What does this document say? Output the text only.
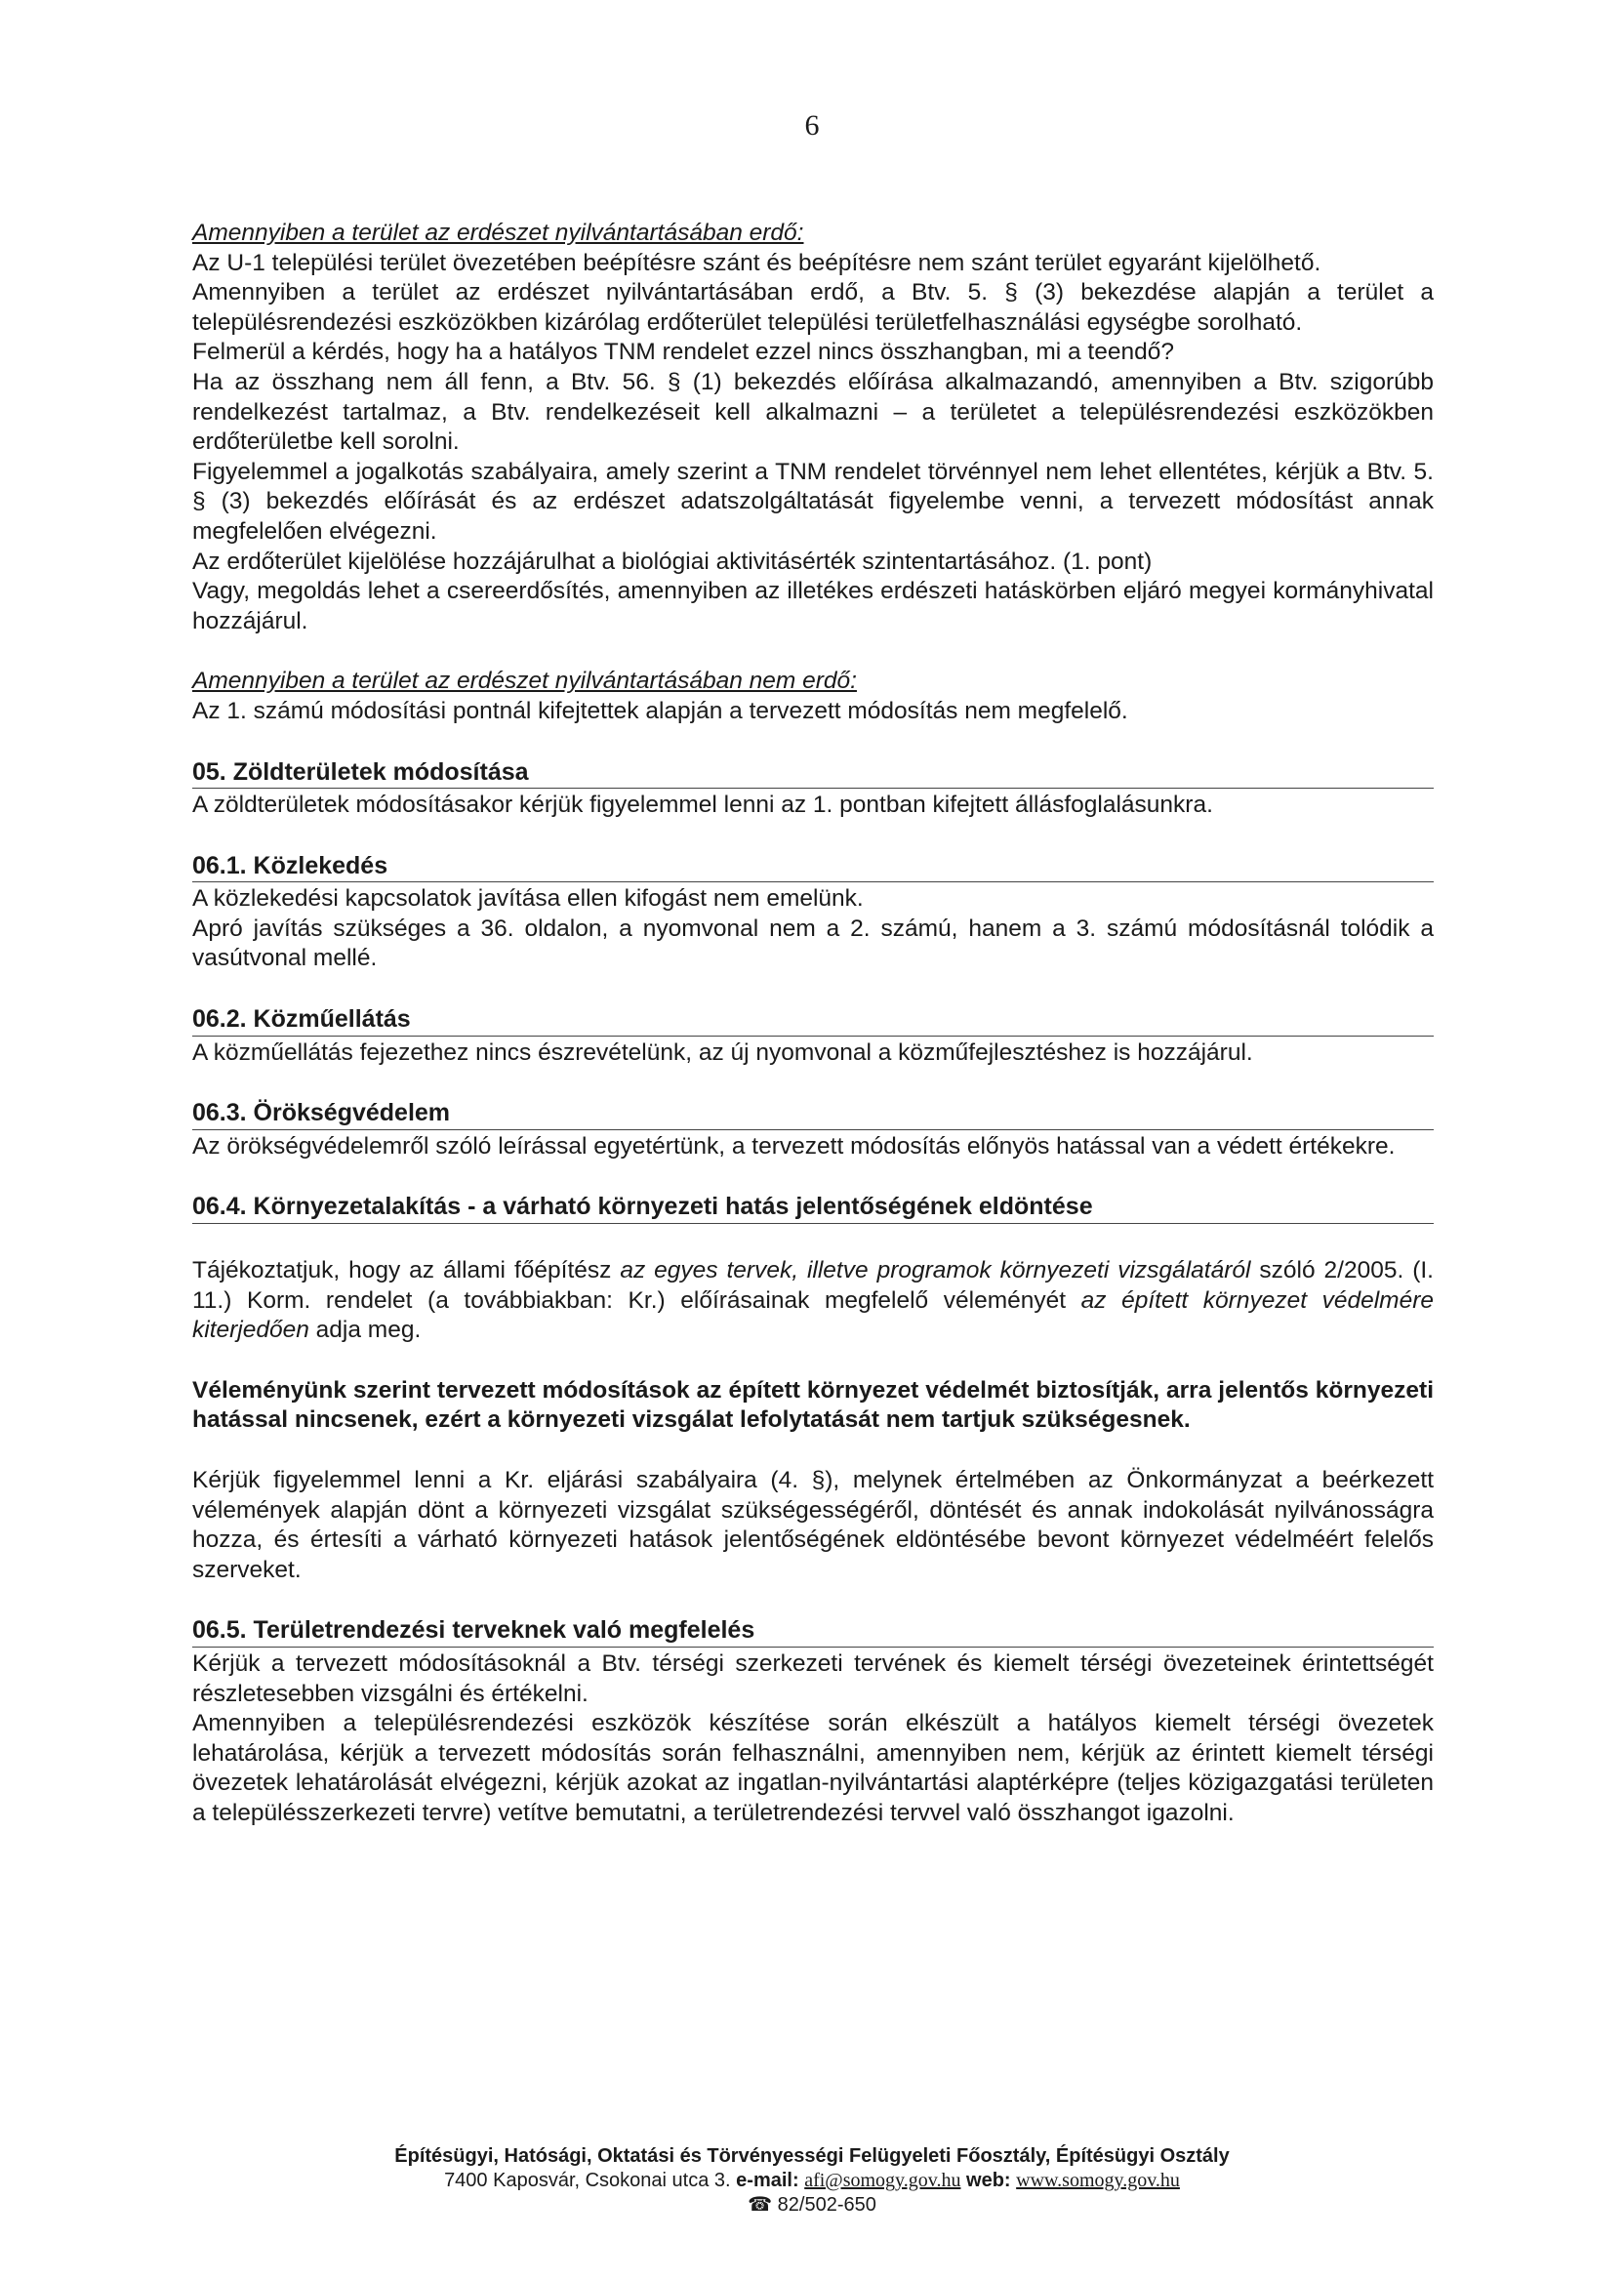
6

Amennyiben a terület az erdészet nyilvántartásában erdő:

Az U-1 települési terület övezetében beépítésre szánt és beépítésre nem szánt terület egyaránt kijelölhető.

Amennyiben a terület az erdészet nyilvántartásában erdő, a Btv. 5. § (3) bekezdése alapján a terület a településrendezési eszközökben kizárólag erdőterület települési területfelhasználási egységbe sorolható.

Felmerül a kérdés, hogy ha a hatályos TNM rendelet ezzel nincs összhangban, mi a teendő?

Ha az összhang nem áll fenn, a Btv. 56. § (1) bekezdés előírása alkalmazandó, amennyiben a Btv. szigorúbb rendelkezést tartalmaz, a Btv. rendelkezéseit kell alkalmazni – a területet a településrendezési eszközökben erdőterületbe kell sorolni.

Figyelemmel a jogalkotás szabályaira, amely szerint a TNM rendelet törvénnyel nem lehet ellentétes, kérjük a Btv. 5. § (3) bekezdés előírását és az erdészet adatszolgáltatását figyelembe venni, a tervezett módosítást annak megfelelően elvégezni.

Az erdőterület kijelölése hozzájárulhat a biológiai aktivitásérték szintentartásához. (1. pont)

Vagy, megoldás lehet a csereerdősítés, amennyiben az illetékes erdészeti hatáskörben eljáró megyei kormányhivatal hozzájárul.

Amennyiben a terület az erdészet nyilvántartásában nem erdő:

Az 1. számú módosítási pontnál kifejtettek alapján a tervezett módosítás nem megfelelő.

05. Zöldterületek módosítása

A zöldterületek módosításakor kérjük figyelemmel lenni az 1. pontban kifejtett állásfoglalásunkra.

06.1. Közlekedés

A közlekedési kapcsolatok javítása ellen kifogást nem emelünk.

Apró javítás szükséges a 36. oldalon, a nyomvonal nem a 2. számú, hanem a 3. számú módosításnál tolódik a vasútvonal mellé.

06.2. Közműellátás

A közműellátás fejezethez nincs észrevételünk, az új nyomvonal a közműfejlesztéshez is hozzájárul.

06.3. Örökségvédelem

Az örökségvédelemről szóló leírással egyetértünk, a tervezett módosítás előnyös hatással van a védett értékekre.

06.4. Környezetalakítás - a várható környezeti hatás jelentőségének eldöntése

Tájékoztatjuk, hogy az állami főépítész az egyes tervek, illetve programok környezeti vizsgálatáról szóló 2/2005. (I. 11.) Korm. rendelet (a továbbiakban: Kr.) előírásainak megfelelő véleményét az épített környezet védelmére kiterjedően adja meg.

Véleményünk szerint tervezett módosítások az épített környezet védelmét biztosítják, arra jelentős környezeti hatással nincsenek, ezért a környezeti vizsgálat lefolytatását nem tartjuk szükségesnek.

Kérjük figyelemmel lenni a Kr. eljárási szabályaira (4. §), melynek értelmében az Önkormányzat a beérkezett vélemények alapján dönt a környezeti vizsgálat szükségességéről, döntését és annak indokolását nyilvánosságra hozza, és értesíti a várható környezeti hatások jelentőségének eldöntésébe bevont környezet védelméért felelős szerveket.

06.5. Területrendezési terveknek való megfelelés

Kérjük a tervezett módosításoknál a Btv. térségi szerkezeti tervének és kiemelt térségi övezeteinek érintettségét részletesebben vizsgálni és értékelni.

Amennyiben a településrendezési eszközök készítése során elkészült a hatályos kiemelt térségi övezetek lehatárolása, kérjük a tervezett módosítás során felhasználni, amennyiben nem, kérjük az érintett kiemelt térségi övezetek lehatárolását elvégezni, kérjük azokat az ingatlan-nyilvántartási alaptérképre (teljes közigazgatási területen a településszerkezeti tervre) vetítve bemutatni, a területrendezési tervvel való összhangot igazolni.

Építésügyi, Hatósági, Oktatási és Törvényességi Felügyeleti Főosztály, Építésügyi Osztály
7400 Kaposvár, Csokonai utca 3. e-mail: afi@somogy.gov.hu web: www.somogy.gov.hu
☎ 82/502-650
